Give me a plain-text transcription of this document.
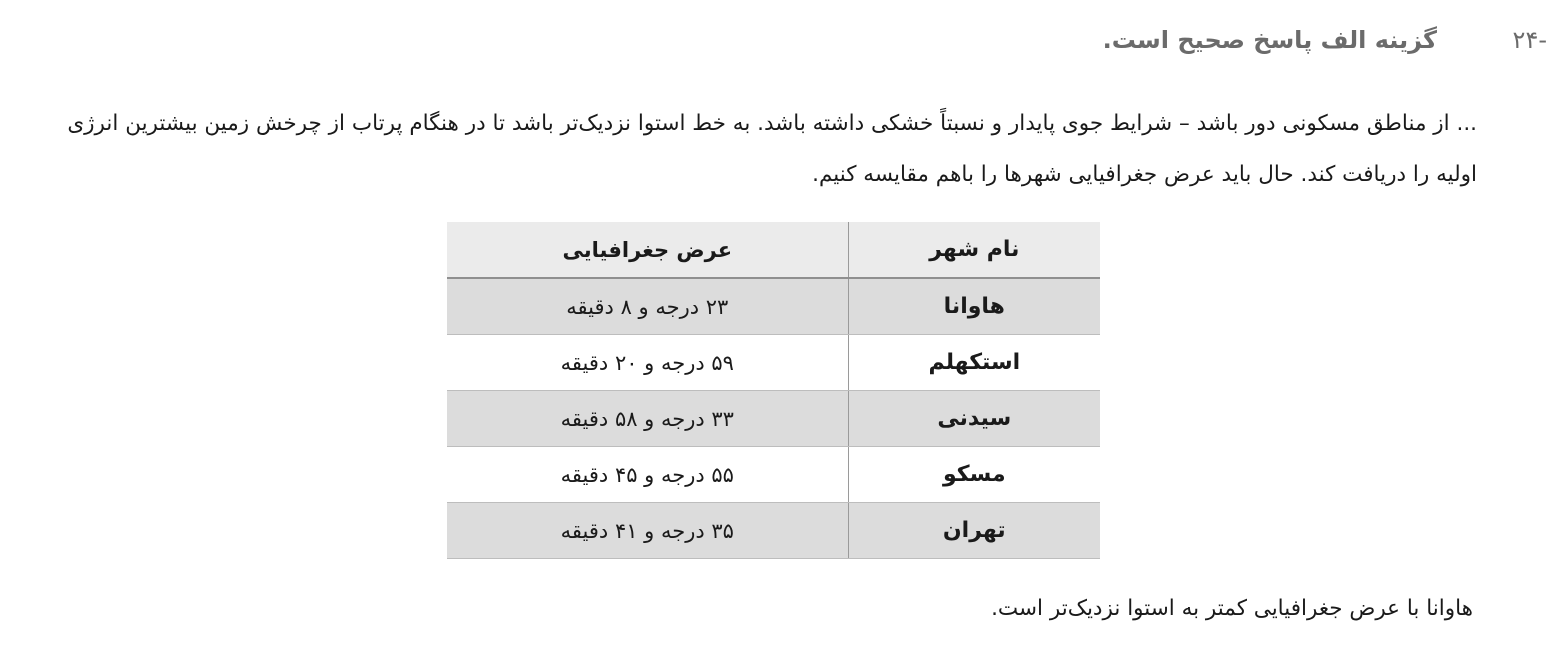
-۲۴
گزینه الف پاسخ صحیح است.
... از مناطق مسکونی دور باشد – شرایط جوی پایدار و نسبتاً خشکی داشته باشد. به خط استوا نزدیک‌تر باشد تا در هنگام پرتاب از چرخش زمین بیشترین انرژی
اولیه را دریافت کند. حال باید عرض جغرافیایی شهرها را باهم مقایسه کنیم.
نام شهر	عرض جغرافیایی
هاوانا	۲۳ درجه و ۸ دقیقه
استکهلم	۵۹ درجه و ۲۰ دقیقه
سیدنی	۳۳ درجه و ۵۸ دقیقه
مسکو	۵۵ درجه و ۴۵ دقیقه
تهران	۳۵ درجه و ۴۱ دقیقه
هاوانا با عرض جغرافیایی کمتر به استوا نزدیک‌تر است.
